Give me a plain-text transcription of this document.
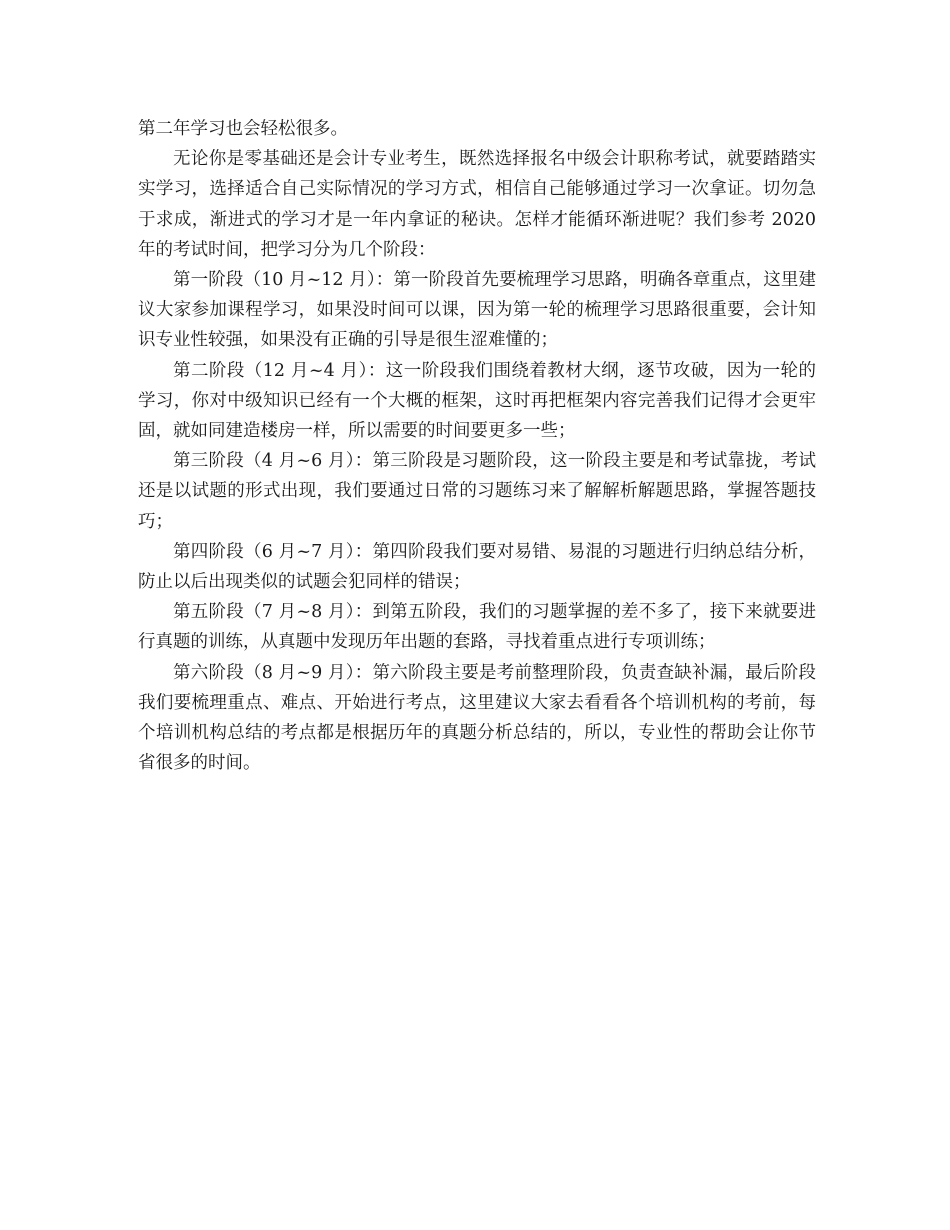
第二年学习也会轻松很多。

无论你是零基础还是会计专业考生，既然选择报名中级会计职称考试，就要踏踏实实学习，选择适合自己实际情况的学习方式，相信自己能够通过学习一次拿证。切勿急于求成，渐进式的学习才是一年内拿证的秘诀。怎样才能循环渐进呢？我们参考 2020 年的考试时间，把学习分为几个阶段：

第一阶段（10 月~12 月）：第一阶段首先要梳理学习思路，明确各章重点，这里建议大家参加课程学习，如果没时间可以课，因为第一轮的梳理学习思路很重要，会计知识专业性较强，如果没有正确的引导是很生涩难懂的；

第二阶段（12 月~4 月）：这一阶段我们围绕着教材大纲，逐节攻破，因为一轮的学习，你对中级知识已经有一个大概的框架，这时再把框架内容完善我们记得才会更牢固，就如同建造楼房一样，所以需要的时间要更多一些；

第三阶段（4 月~6 月）：第三阶段是习题阶段，这一阶段主要是和考试靠拢，考试还是以试题的形式出现，我们要通过日常的习题练习来了解解析解题思路，掌握答题技巧；

第四阶段（6 月~7 月）：第四阶段我们要对易错、易混的习题进行归纳总结分析，防止以后出现类似的试题会犯同样的错误；

第五阶段（7 月~8 月）：到第五阶段，我们的习题掌握的差不多了，接下来就要进行真题的训练，从真题中发现历年出题的套路，寻找着重点进行专项训练；

第六阶段（8 月~9 月）：第六阶段主要是考前整理阶段，负责查缺补漏，最后阶段我们要梳理重点、难点、开始进行考点，这里建议大家去看看各个培训机构的考前，每个培训机构总结的考点都是根据历年的真题分析总结的，所以，专业性的帮助会让你节省很多的时间。
